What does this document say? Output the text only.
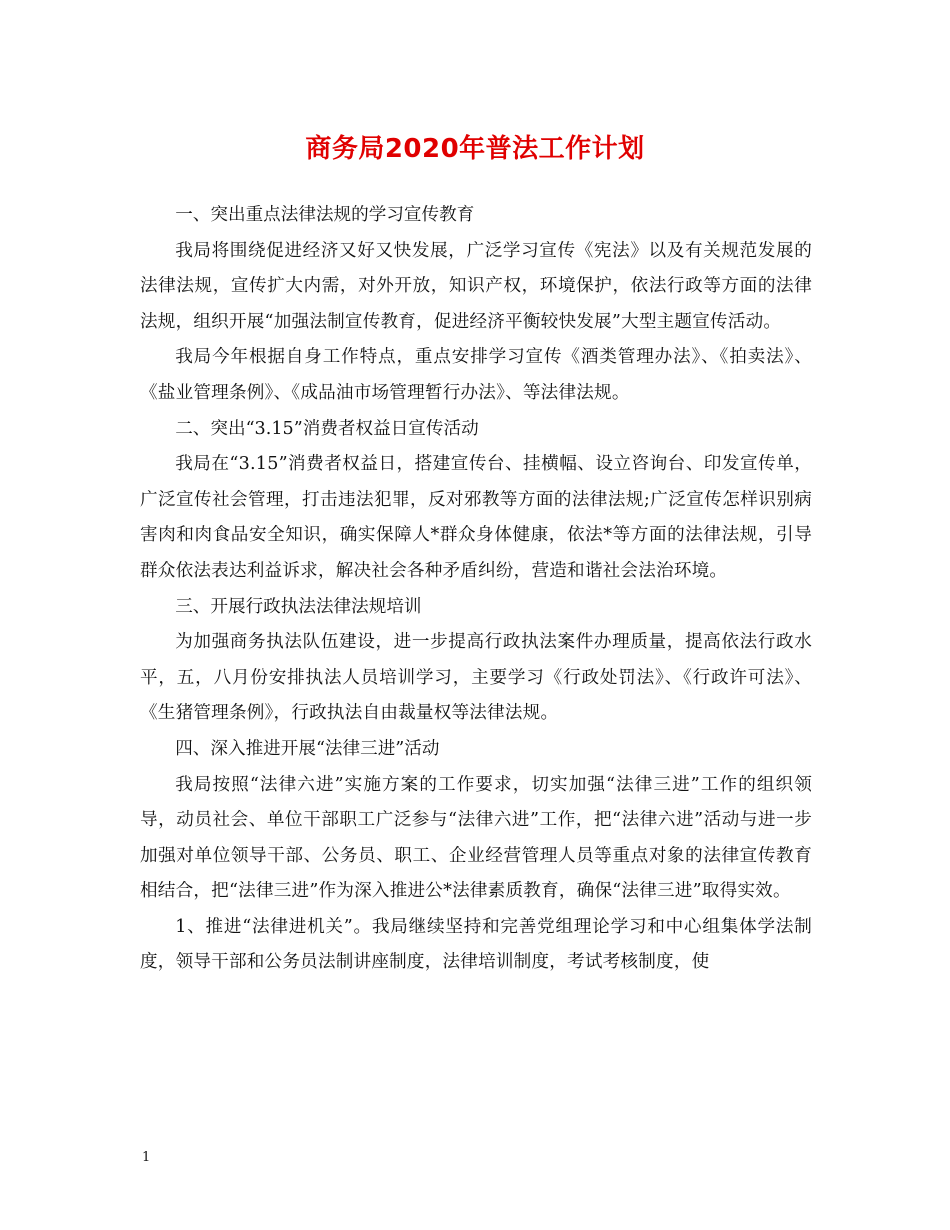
商务局2020年普法工作计划

一、突出重点法律法规的学习宣传教育

我局将围绕促进经济又好又快发展，广泛学习宣传《宪法》以及有关规范发展的法律法规，宣传扩大内需，对外开放，知识产权，环境保护，依法行政等方面的法律法规，组织开展“加强法制宣传教育，促进经济平衡较快发展”大型主题宣传活动。

我局今年根据自身工作特点，重点安排学习宣传《酒类管理办法》、《拍卖法》、《盐业管理条例》、《成品油市场管理暂行办法》、等法律法规。

二、突出“3.15”消费者权益日宣传活动

我局在“3.15”消费者权益日，搭建宣传台、挂横幅、设立咨询台、印发宣传单，广泛宣传社会管理，打击违法犯罪，反对邪教等方面的法律法规;广泛宣传怎样识别病害肉和肉食品安全知识，确实保障人*群众身体健康，依法*等方面的法律法规，引导群众依法表达利益诉求，解决社会各种矛盾纠纷，营造和谐社会法治环境。

三、开展行政执法法律法规培训

为加强商务执法队伍建设，进一步提高行政执法案件办理质量，提高依法行政水平，五，八月份安排执法人员培训学习，主要学习《行政处罚法》、《行政许可法》、《生猪管理条例》，行政执法自由裁量权等法律法规。

四、深入推进开展“法律三进”活动

我局按照“法律六进”实施方案的工作要求，切实加强“法律三进”工作的组织领导，动员社会、单位干部职工广泛参与“法律六进”工作，把“法律六进”活动与进一步加强对单位领导干部、公务员、职工、企业经营管理人员等重点对象的法律宣传教育相结合，把“法律三进”作为深入推进公*法律素质教育，确保“法律三进”取得实效。

1、推进“法律进机关”。我局继续坚持和完善党组理论学习和中心组集体学法制度，领导干部和公务员法制讲座制度，法律培训制度，考试考核制度，使

1
